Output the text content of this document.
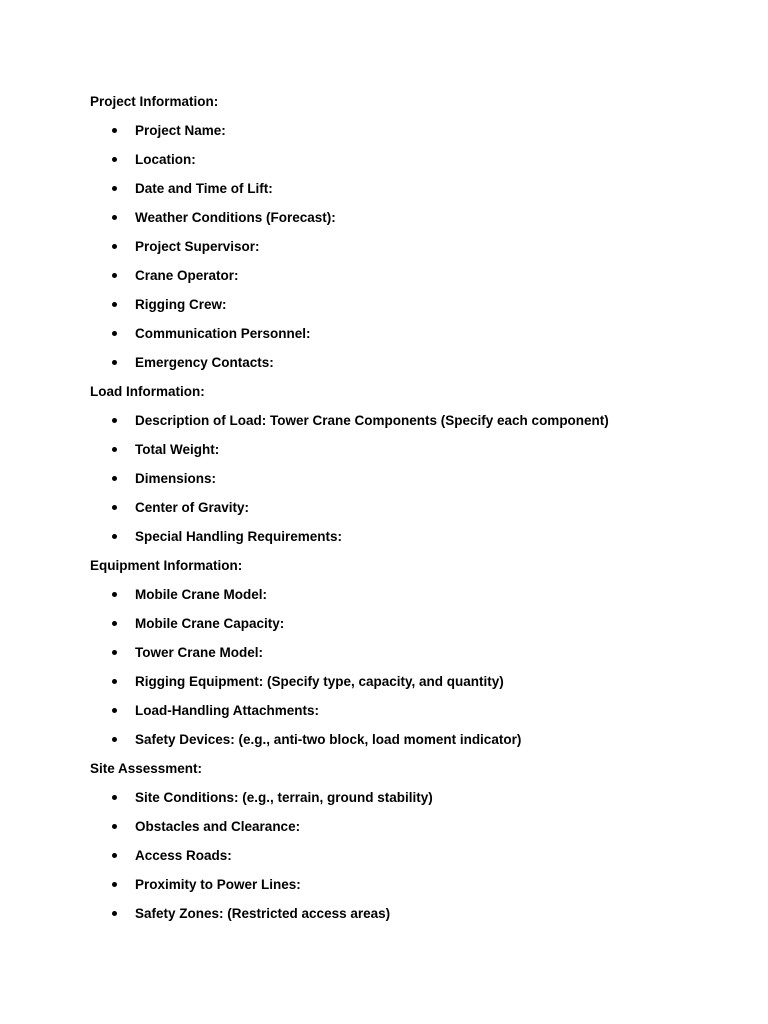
Project Information:
Project Name:
Location:
Date and Time of Lift:
Weather Conditions (Forecast):
Project Supervisor:
Crane Operator:
Rigging Crew:
Communication Personnel:
Emergency Contacts:
Load Information:
Description of Load: Tower Crane Components (Specify each component)
Total Weight:
Dimensions:
Center of Gravity:
Special Handling Requirements:
Equipment Information:
Mobile Crane Model:
Mobile Crane Capacity:
Tower Crane Model:
Rigging Equipment: (Specify type, capacity, and quantity)
Load-Handling Attachments:
Safety Devices: (e.g., anti-two block, load moment indicator)
Site Assessment:
Site Conditions: (e.g., terrain, ground stability)
Obstacles and Clearance:
Access Roads:
Proximity to Power Lines:
Safety Zones: (Restricted access areas)
